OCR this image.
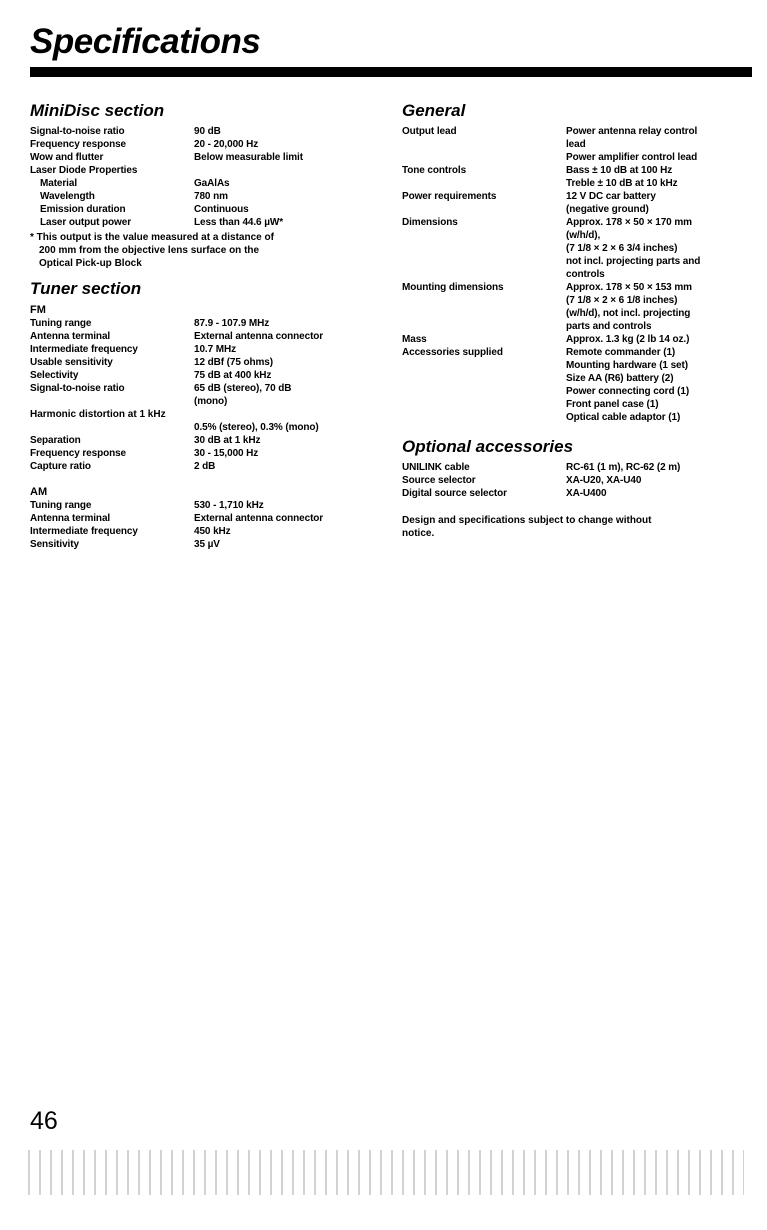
Specifications
MiniDisc section
Signal-to-noise ratio	90 dB
Frequency response	20 - 20,000 Hz
Wow and flutter	Below measurable limit
Laser Diode Properties
Material	GaAlAs
Wavelength	780 nm
Emission duration	Continuous
Laser output power	Less than 44.6 µW*
* This output is the value measured at a distance of
200 mm from the objective lens surface on the
Optical Pick-up Block
Tuner section
FM
Tuning range	87.9 - 107.9 MHz
Antenna terminal	External antenna connector
Intermediate frequency	10.7 MHz
Usable sensitivity	12 dBf (75 ohms)
Selectivity	75 dB at 400 kHz
Signal-to-noise ratio	65 dB (stereo), 70 dB
(mono)
Harmonic distortion at 1 kHz
0.5% (stereo), 0.3% (mono)
Separation	30 dB at 1 kHz
Frequency response	30 - 15,000 Hz
Capture ratio	2 dB
AM
Tuning range	530 - 1,710 kHz
Antenna terminal	External antenna connector
Intermediate frequency	450 kHz
Sensitivity	35 µV
General
Output lead	Power antenna relay control
lead
Power amplifier control lead
Tone controls	Bass ± 10 dB at 100 Hz
Treble ± 10 dB at 10 kHz
Power requirements	12 V DC car battery
(negative ground)
Dimensions	Approx. 178 × 50 × 170 mm
(w/h/d),
(7 1/8 × 2 × 6 3/4 inches)
not incl. projecting parts and
controls
Mounting dimensions	Approx. 178 × 50 × 153 mm
(7 1/8 × 2 × 6 1/8 inches)
(w/h/d), not incl. projecting
parts and controls
Mass	Approx. 1.3 kg (2 lb 14 oz.)
Accessories supplied	Remote commander (1)
Mounting hardware (1 set)
Size AA (R6) battery (2)
Power connecting cord (1)
Front panel case (1)
Optical cable adaptor (1)
Optional accessories
UNILINK cable	RC-61 (1 m), RC-62 (2 m)
Source selector	XA-U20, XA-U40
Digital source selector	XA-U400
Design and specifications subject to change without
notice.
46
